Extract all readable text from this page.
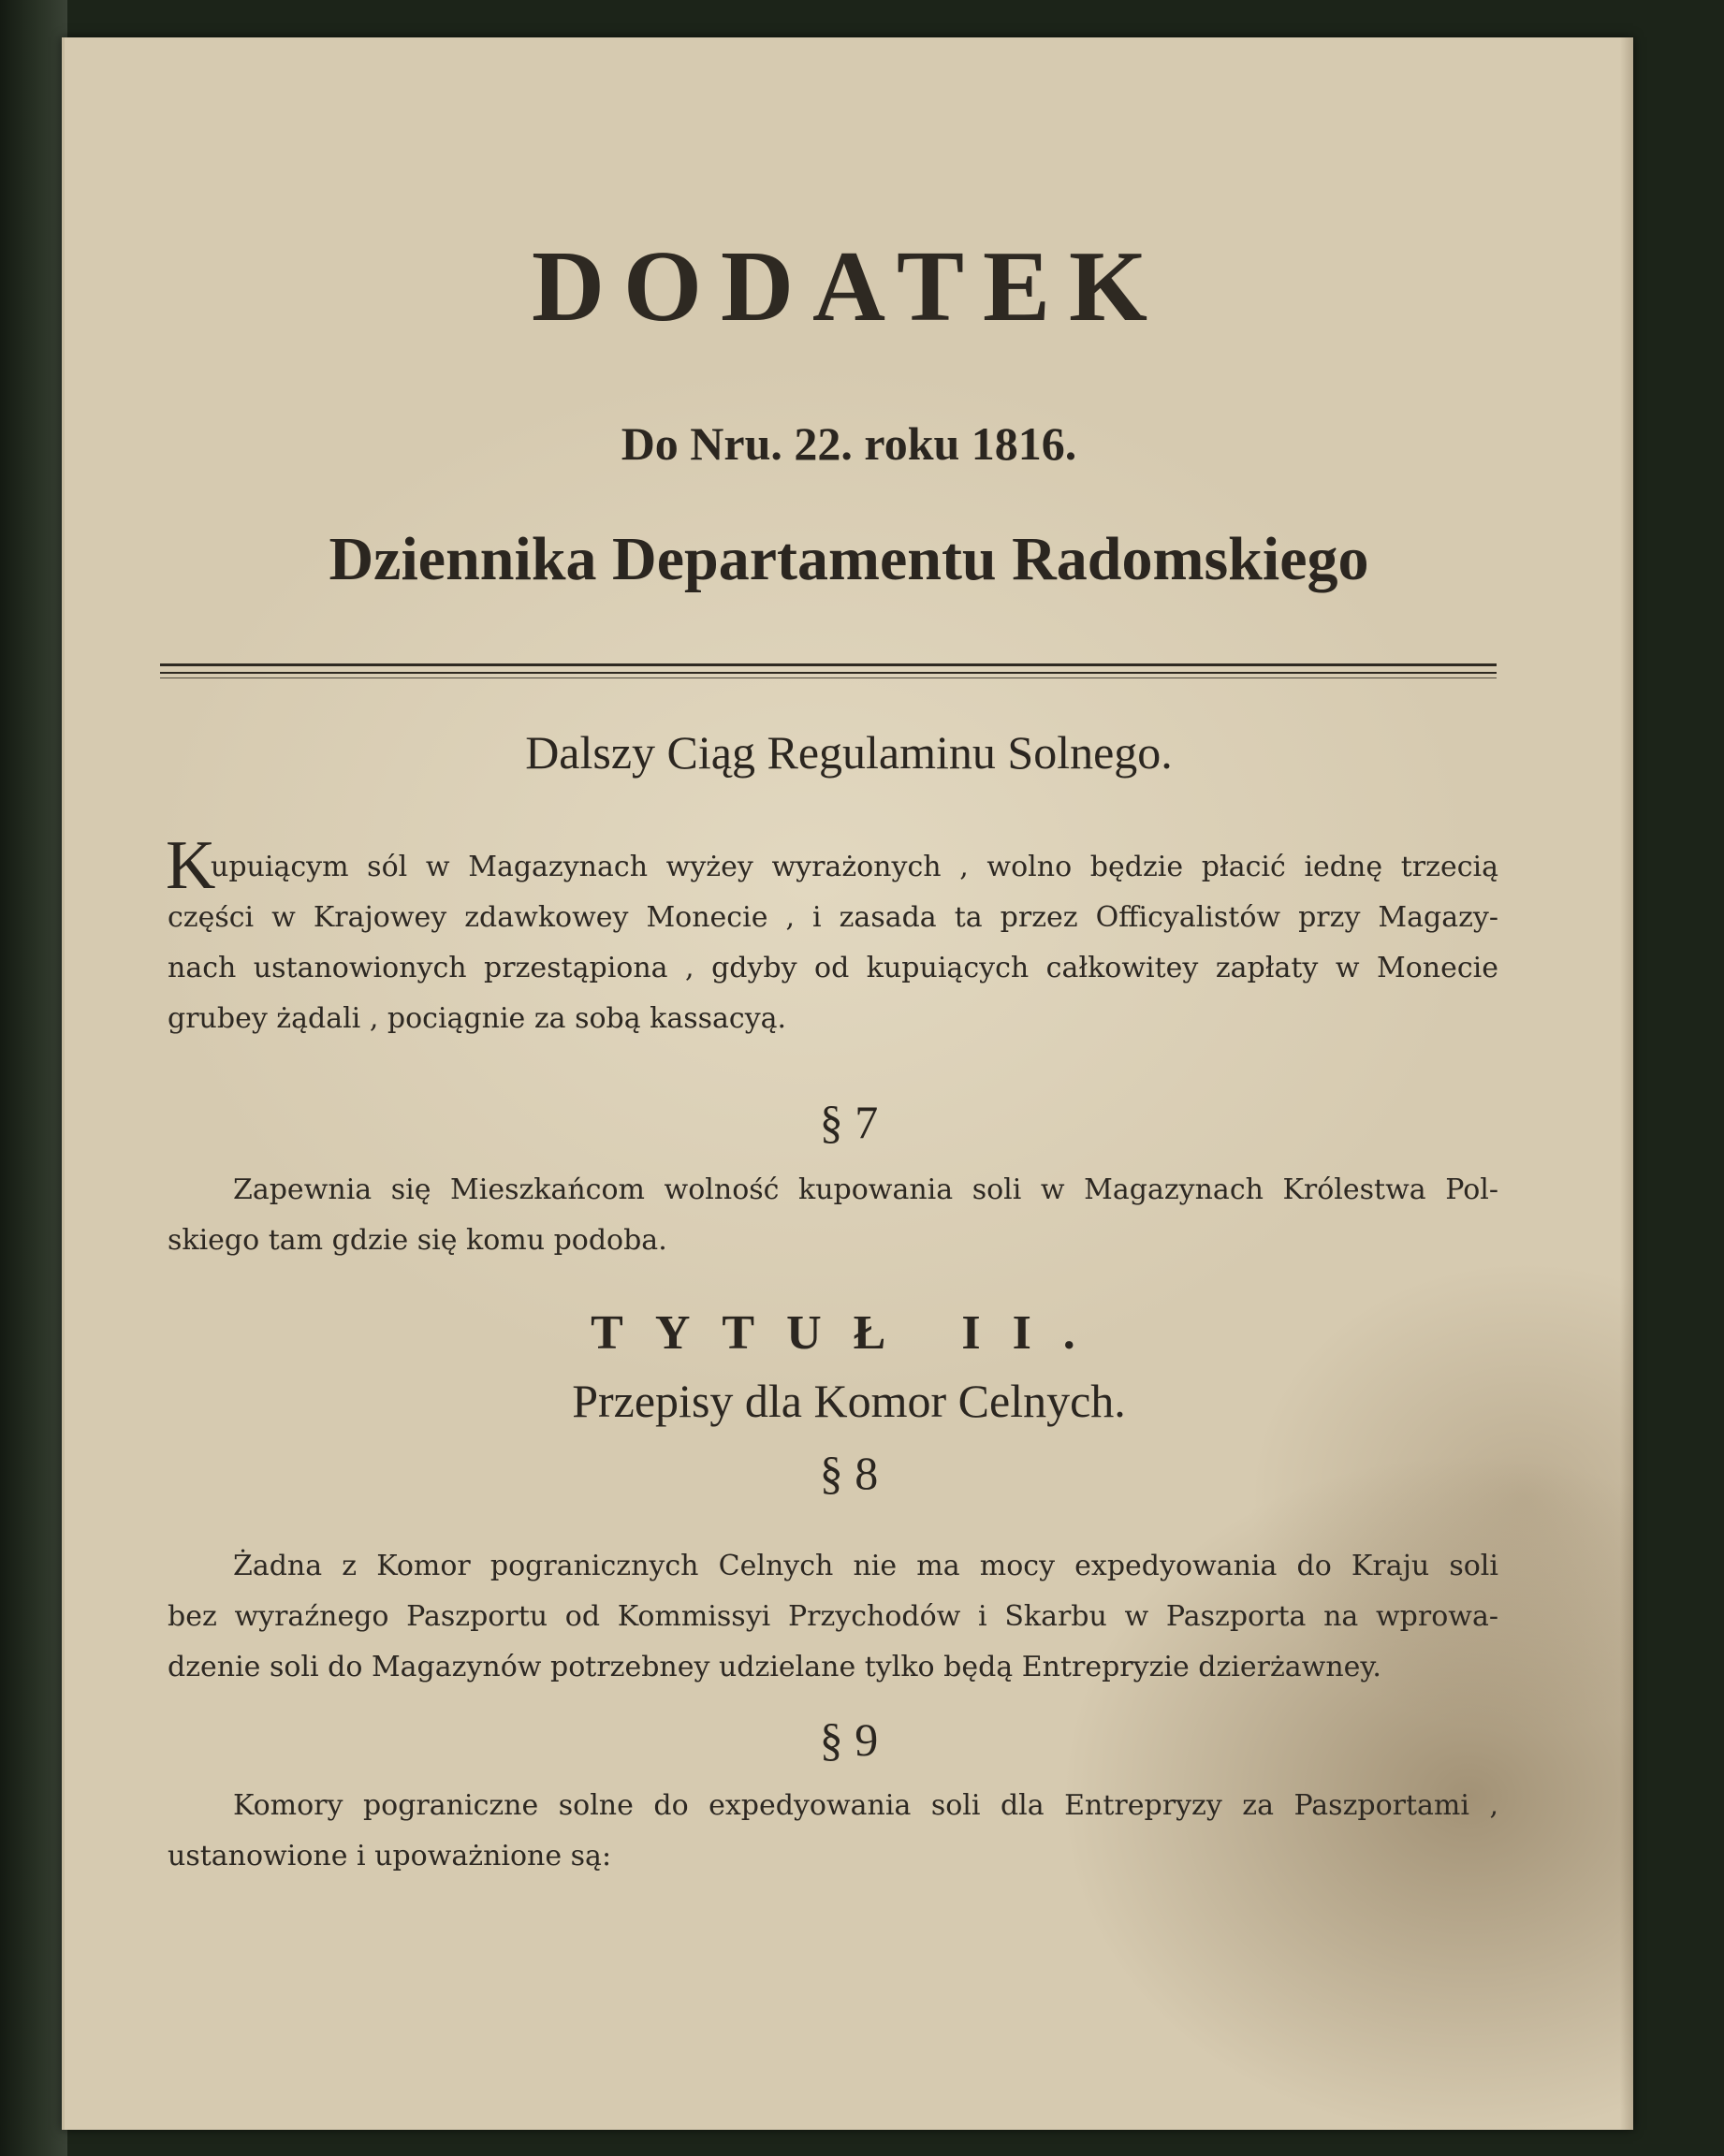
DODATEK
Do Nru. 22. roku 1816.
Dziennika Departamentu Radomskiego
Dalszy Ciąg Regulaminu Solnego.
K
upuiącym sól w Magazynach wyżey wyrażonych , wolno będzie płacić iednę trzecią
części w Krajowey zdawkowey Monecie , i zasada ta przez Officyalistów przy Magazy-
nach ustanowionych przestąpiona , gdyby od kupuiących całkowitey zapłaty w Monecie
grubey żądali , pociągnie za sobą kassacyą.
§ 7
Zapewnia się Mieszkańcom wolność kupowania soli w Magazynach Królestwa Pol-
skiego tam gdzie się komu podoba.
TYTUŁ II.
Przepisy dla Komor Celnych.
§ 8
Żadna z Komor pogranicznych Celnych nie ma mocy expedyowania do Kraju soli
bez wyraźnego Paszportu od Kommissyi Przychodów i Skarbu w Paszporta na wprowa-
dzenie soli do Magazynów potrzebney udzielane tylko będą Entrepryzie dzierżawney.
§ 9
Komory pograniczne solne do expedyowania soli dla Entrepryzy za Paszportami ,
ustanowione i upoważnione są:
